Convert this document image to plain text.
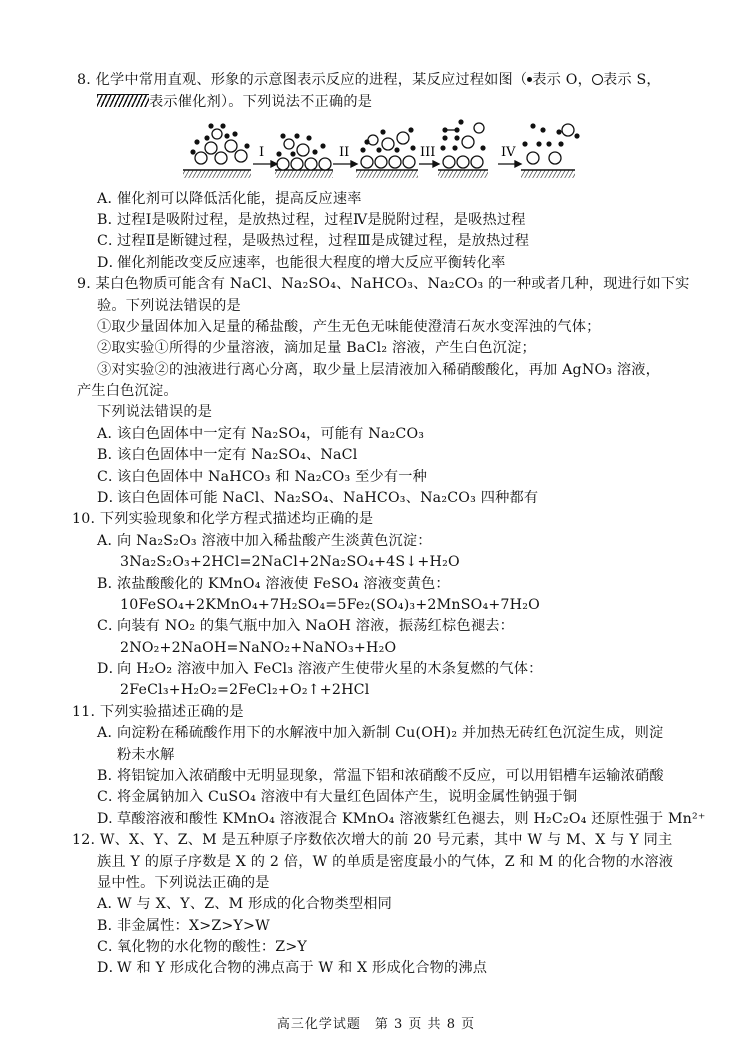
8. 化学中常用直观、形象的示意图表示反应的进程，某反应过程如图（ 表示 O， 表示 S，
表示催化剂）。下列说法不正确的是
I	II	III	IV
A．催化剂可以降低活化能，提高反应速率
B．过程Ⅰ是吸附过程，是放热过程，过程Ⅳ是脱附过程，是吸热过程
C．过程Ⅱ是断键过程，是吸热过程，过程Ⅲ是成键过程，是放热过程
D．催化剂能改变反应速率，也能很大程度的增大反应平衡转化率
9. 某白色物质可能含有 NaCl、Na₂SO₄、NaHCO₃、Na₂CO₃ 的一种或者几种，现进行如下实
验。下列说法错误的是
①取少量固体加入足量的稀盐酸，产生无色无味能使澄清石灰水变浑浊的气体；
②取实验①所得的少量溶液，滴加足量 BaCl₂ 溶液，产生白色沉淀；
③对实验②的浊液进行离心分离，取少量上层清液加入稀硝酸酸化，再加 AgNO₃ 溶液，
产生白色沉淀。
下列说法错误的是
A．该白色固体中一定有 Na₂SO₄，可能有 Na₂CO₃
B．该白色固体中一定有 Na₂SO₄、NaCl
C．该白色固体中 NaHCO₃ 和 Na₂CO₃ 至少有一种
D．该白色固体可能 NaCl、Na₂SO₄、NaHCO₃、Na₂CO₃ 四种都有
10. 下列实验现象和化学方程式描述均正确的是
A．向 Na₂S₂O₃ 溶液中加入稀盐酸产生淡黄色沉淀：
3Na₂S₂O₃+2HCl=2NaCl+2Na₂SO₄+4S↓+H₂O
B．浓盐酸酸化的 KMnO₄ 溶液使 FeSO₄ 溶液变黄色：
10FeSO₄+2KMnO₄+7H₂SO₄=5Fe₂(SO₄)₃+2MnSO₄+7H₂O
C．向装有 NO₂ 的集气瓶中加入 NaOH 溶液，振荡红棕色褪去：
2NO₂+2NaOH=NaNO₂+NaNO₃+H₂O
D．向 H₂O₂ 溶液中加入 FeCl₃ 溶液产生使带火星的木条复燃的气体：
2FeCl₃+H₂O₂=2FeCl₂+O₂↑+2HCl
11. 下列实验描述正确的是
A．向淀粉在稀硫酸作用下的水解液中加入新制 Cu(OH)₂ 并加热无砖红色沉淀生成，则淀
粉未水解
B．将铝锭加入浓硝酸中无明显现象，常温下铝和浓硝酸不反应，可以用铝槽车运输浓硝酸
C．将金属钠加入 CuSO₄ 溶液中有大量红色固体产生，说明金属性钠强于铜
D. 草酸溶液和酸性 KMnO₄ 溶液混合 KMnO₄ 溶液紫红色褪去，则 H₂C₂O₄ 还原性强于 Mn²⁺
12. W、X、Y、Z、M 是五种原子序数依次增大的前 20 号元素，其中 W 与 M、X 与 Y 同主
族且 Y 的原子序数是 X 的 2 倍，W 的单质是密度最小的气体，Z 和 M 的化合物的水溶液
显中性。下列说法正确的是
A．W 与 X、Y、Z、M 形成的化合物类型相同
B．非金属性：X>Z>Y>W
C．氧化物的水化物的酸性：Z>Y
D．W 和 Y 形成化合物的沸点高于 W 和 X 形成化合物的沸点
高三化学试题　第 3 页 共 8 页
